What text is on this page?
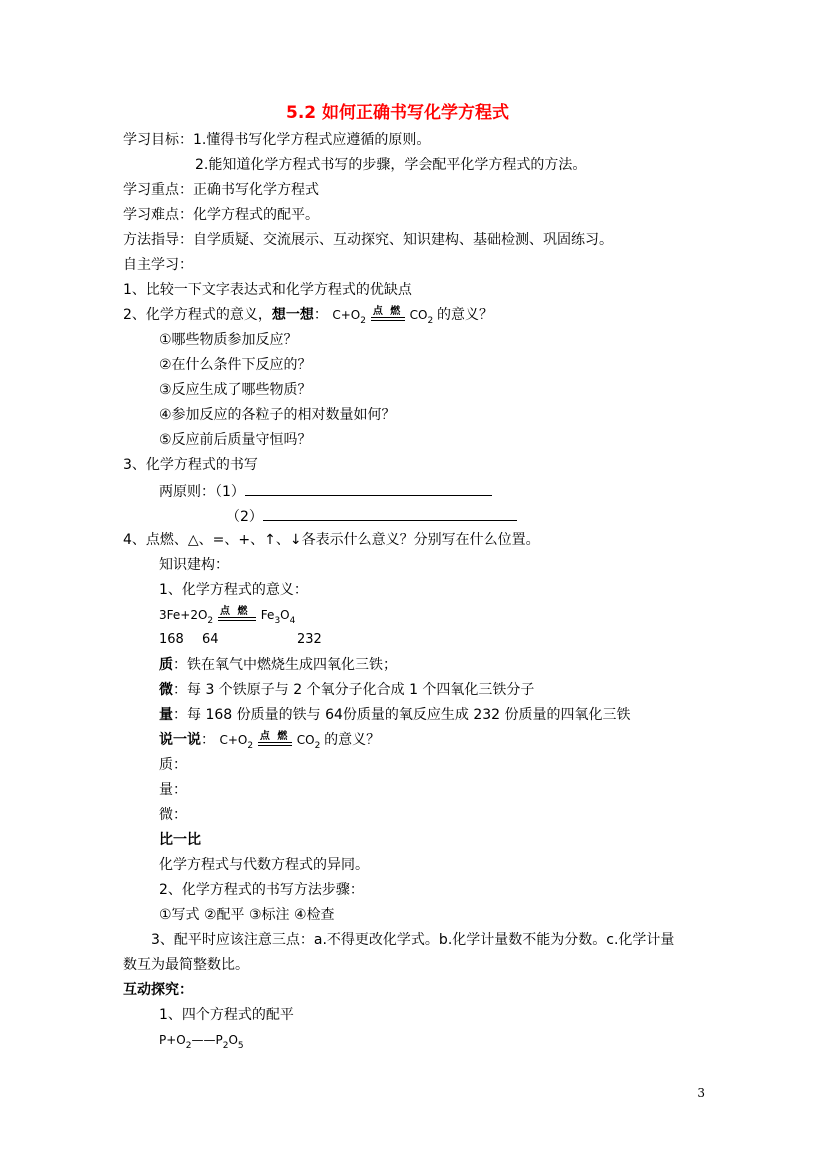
5.2 如何正确书写化学方程式
学习目标：1.懂得书写化学方程式应遵循的原则。
2.能知道化学方程式书写的步骤，学会配平化学方程式的方法。
学习重点：正确书写化学方程式
学习难点：化学方程式的配平。
方法指导：自学质疑、交流展示、互动探究、知识建构、基础检测、巩固练习。
自主学习：
1、比较一下文字表达式和化学方程式的优缺点
2、化学方程式的意义，想一想： $C+O_2$
点 燃 $CO_2$ 的意义？
①哪些物质参加反应？
②在什么条件下反应的？
③反应生成了哪些物质？
④参加反应的各粒子的相对数量如何？
⑤反应前后质量守恒吗？
3、化学方程式的书写
两原则：（1）
（2）
4、点燃、△、=、+、↑、↓各表示什么意义？分别写在什么位置。
知识建构：
1、化学方程式的意义：
$3Fe+2O_2$
点 燃 $Fe_3O_4$
168 64	232
质：铁在氧气中燃烧生成四氧化三铁；
微：每 3 个铁原子与 2 个氧分子化合成 1 个四氧化三铁分子
量：每 168 份质量的铁与 64份质量的氧反应生成 232 份质量的四氧化三铁
说一说： $C+O_2$
点 燃 $CO_2$ 的意义？
质：
量：
微：
比一比
化学方程式与代数方程式的异同。
2、化学方程式的书写方法步骤：
①写式 ②配平 ③标注 ④检查
3、配平时应该注意三点：a.不得更改化学式。b.化学计量数不能为分数。c.化学计量
数互为最简整数比。
互动探究：
1、四个方程式的配平
$P+O_2——P_2O_5$
3
